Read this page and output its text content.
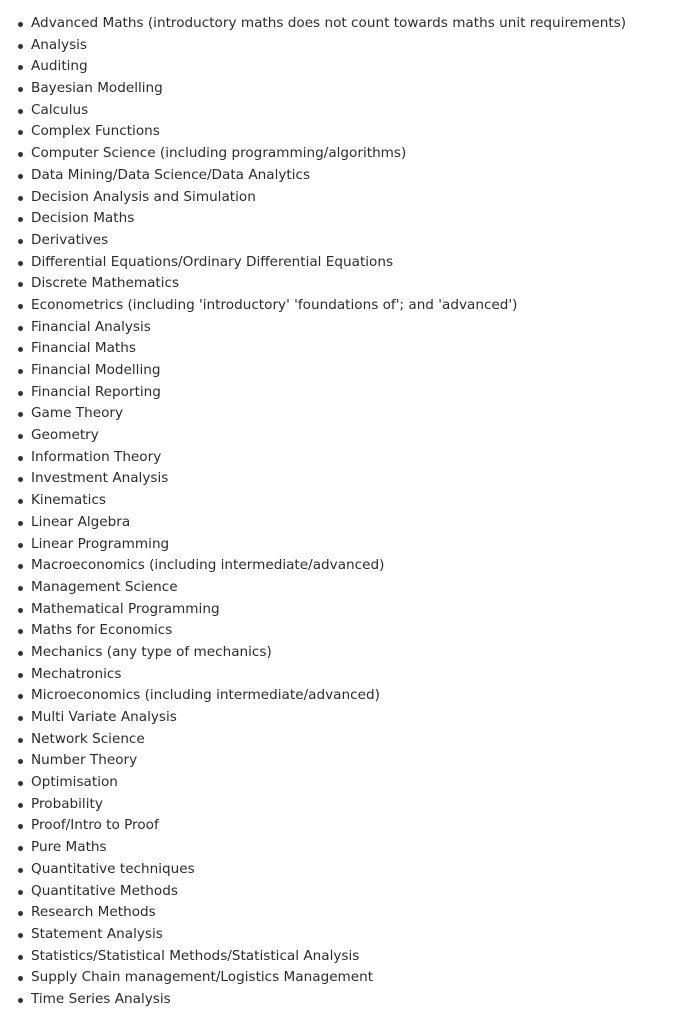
Advanced Maths (introductory maths does not count towards maths unit requirements)
Analysis
Auditing
Bayesian Modelling
Calculus
Complex Functions
Computer Science (including programming/algorithms)
Data Mining/Data Science/Data Analytics
Decision Analysis and Simulation
Decision Maths
Derivatives
Differential Equations/Ordinary Differential Equations
Discrete Mathematics
Econometrics (including 'introductory' 'foundations of'; and 'advanced')
Financial Analysis
Financial Maths
Financial Modelling
Financial Reporting
Game Theory
Geometry
Information Theory
Investment Analysis
Kinematics
Linear Algebra
Linear Programming
Macroeconomics (including intermediate/advanced)
Management Science
Mathematical Programming
Maths for Economics
Mechanics (any type of mechanics)
Mechatronics
Microeconomics (including intermediate/advanced)
Multi Variate Analysis
Network Science
Number Theory
Optimisation
Probability
Proof/Intro to Proof
Pure Maths
Quantitative techniques
Quantitative Methods
Research Methods
Statement Analysis
Statistics/Statistical Methods/Statistical Analysis
Supply Chain management/Logistics Management
Time Series Analysis
